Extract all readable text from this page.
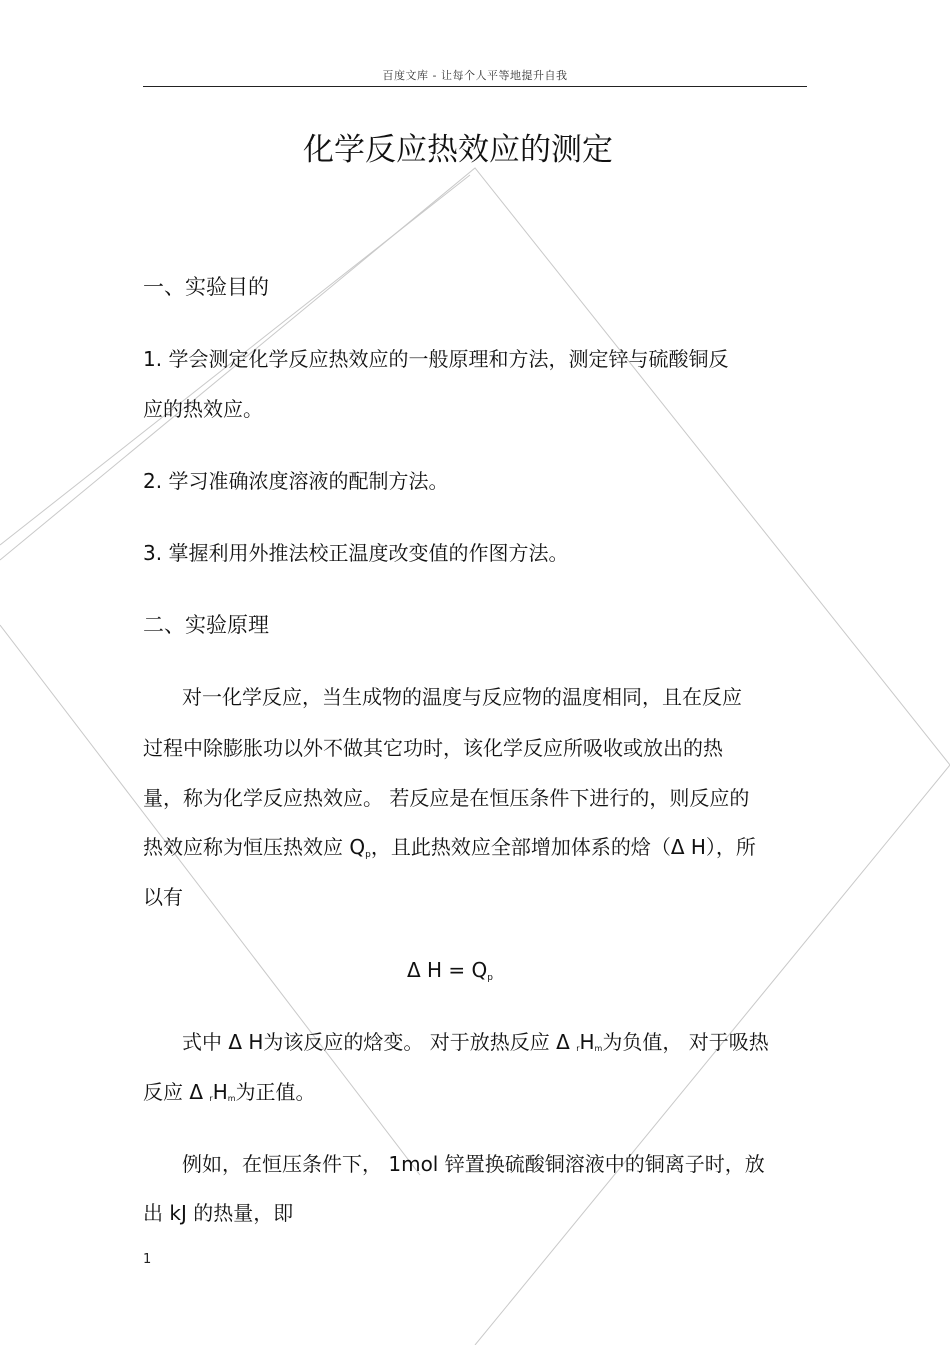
百度文库 - 让每个人平等地提升自我
化学反应热效应的测定
一、实验目的
1. 学会测定化学反应热效应的一般原理和方法，测定锌与硫酸铜反
应的热效应。
2. 学习准确浓度溶液的配制方法。
3. 掌握利用外推法校正温度改变值的作图方法。
二、实验原理
对一化学反应，当生成物的温度与反应物的温度相同，且在反应
过程中除膨胀功以外不做其它功时，该化学反应所吸收或放出的热
量，称为化学反应热效应。 若反应是在恒压条件下进行的，则反应的
热效应称为恒压热效应 $Q_p$，且此热效应全部增加体系的焓（Δ H），所
以有
Δ $H = Q_p$
式中 Δ H为该反应的焓变。 对于放热反应 Δ rHm为负值， 对于吸热
反应 Δ rHm为正值。
例如，在恒压条件下， 1mol 锌置换硫酸铜溶液中的铜离子时，放
出 kJ 的热量，即
1
